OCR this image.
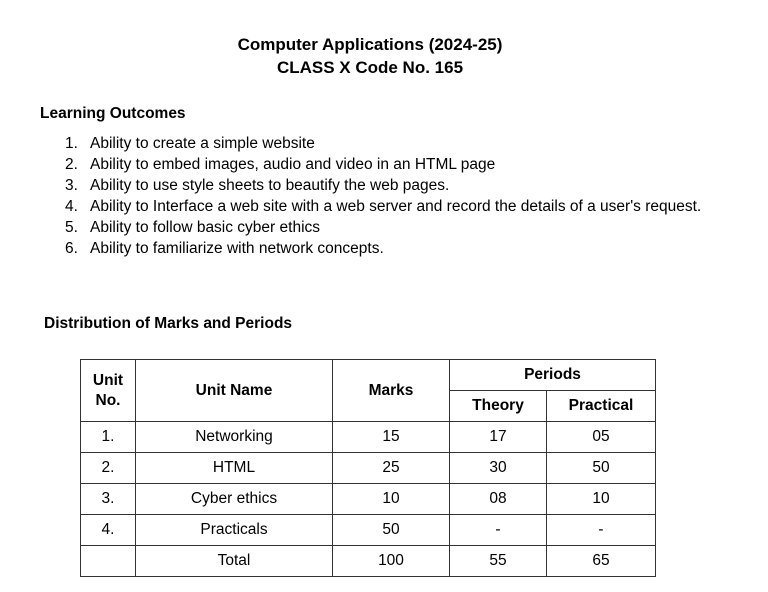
Computer Applications (2024-25)
CLASS X Code No. 165
Learning Outcomes
1. Ability to create a simple website
2. Ability to embed images, audio and video in an HTML page
3. Ability to use style sheets to beautify the web pages.
4. Ability to Interface a web site with a web server and record the details of a user's request.
5. Ability to follow basic cyber ethics
6. Ability to familiarize with network concepts.
Distribution of Marks and Periods
Unit No.	Unit Name	Marks	Periods	
			Theory	Practical
1.	Networking	15	17	05
2.	HTML	25	30	50
3.	Cyber ethics	10	08	10
4.	Practicals	50	-	-
	Total	100	55	65
